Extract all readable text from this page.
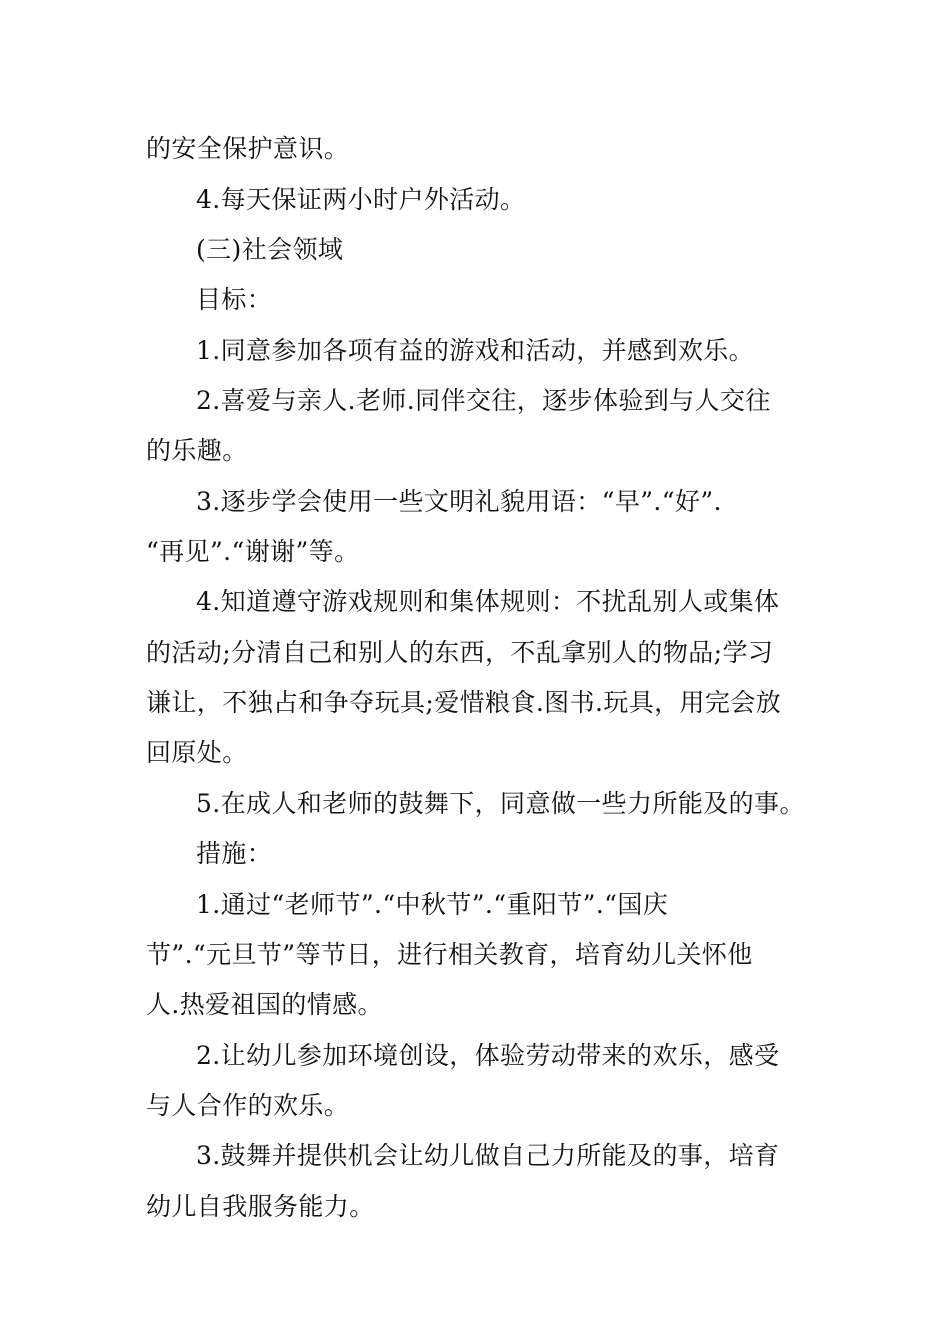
的安全保护意识。
4.每天保证两小时户外活动。
(三)社会领域
目标：
1.同意参加各项有益的游戏和活动，并感到欢乐。
2.喜爱与亲人.老师.同伴交往，逐步体验到与人交往
的乐趣。
3.逐步学会使用一些文明礼貌用语：“早”.“好”.
“再见”.“谢谢”等。
4.知道遵守游戏规则和集体规则：不扰乱别人或集体
的活动;分清自己和别人的东西，不乱拿别人的物品;学习
谦让，不独占和争夺玩具;爱惜粮食.图书.玩具，用完会放
回原处。
5.在成人和老师的鼓舞下，同意做一些力所能及的事。
措施：
1.通过“老师节”.“中秋节”.“重阳节”.“国庆
节”.“元旦节”等节日，进行相关教育，培育幼儿关怀他
人.热爱祖国的情感。
2.让幼儿参加环境创设，体验劳动带来的欢乐，感受
与人合作的欢乐。
3.鼓舞并提供机会让幼儿做自己力所能及的事，培育
幼儿自我服务能力。
